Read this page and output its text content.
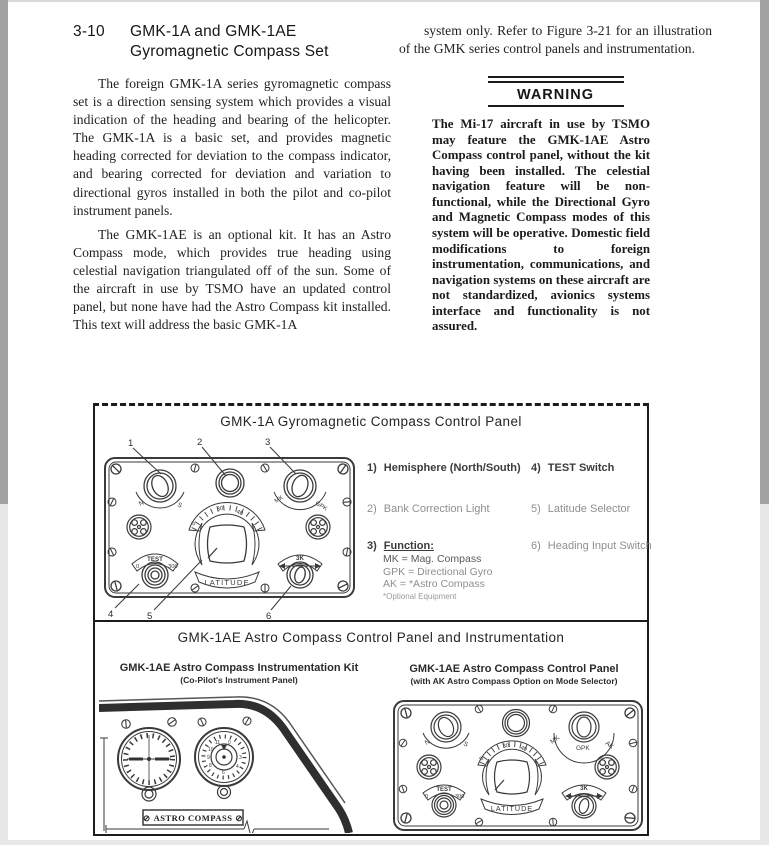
3-10	GMK-1A and GMK-1AE
Gyromagnetic Compass Set

The foreign GMK-1A series gyromagnetic compass set is a direction sensing system which provides a visual indication of the heading and bearing of the helicopter. The GMK-1A is a basic set, and provides magnetic heading corrected for deviation to the compass indicator, and bearing corrected for deviation and variation to directional gyros installed in both the pilot and co-pilot instrument panels.

The GMK-1AE is an optional kit. It has an Astro Compass mode, which provides true heading using celestial navigation triangulated off of the sun. Some of the aircraft in use by TSMO have an updated control panel, but none have had the Astro Compass kit installed. This text will address the basic GMK-1A

system only. Refer to Figure 3-21 for an illustration of the GMK series control panels and instrumentation.

WARNING

The Mi-17 aircraft in use by TSMO may feature the GMK-1AE Astro Compass control panel, without the kit having been installed. The celestial navigation feature will be non-functional, while the Directional Gyro and Magnetic Compass modes of this system will be operative. Domestic field modifications to foreign instrumentation, communications, and navigation systems on these aircraft are not standardized, avionics systems interface and functionality is not assured.

GMK-1A Gyromagnetic Compass Control Panel
1	2	3
4	5	6
N	S
MK
GPK
0
30 40
LATITUDE
TEST
0	300
3K
1) Hemisphere (North/South) 4) TEST Switch
2) Bank Correction Light	5) Latitude Selector
3) Function:	6) Heading Input Switch
MK = Mag. Compass
GPK = Directional Gyro
AK = *Astro Compass
*Optional Equipment
GMK-1AE Astro Compass Control Panel and Instrumentation
GMK-1AE Astro Compass Instrumentation Kit
(Co-Pilot's Instrument Panel)
GMK-1AE Astro Compass Control Panel
(with AK Astro Compass Option on Mode Selector)
0
11
10
9
8
6
4
3
⊘ ASTRO COMPASS ⊘
N	S	MK
GPK AK
0
30 40
LATITUDE
TEST
0	300
3K
